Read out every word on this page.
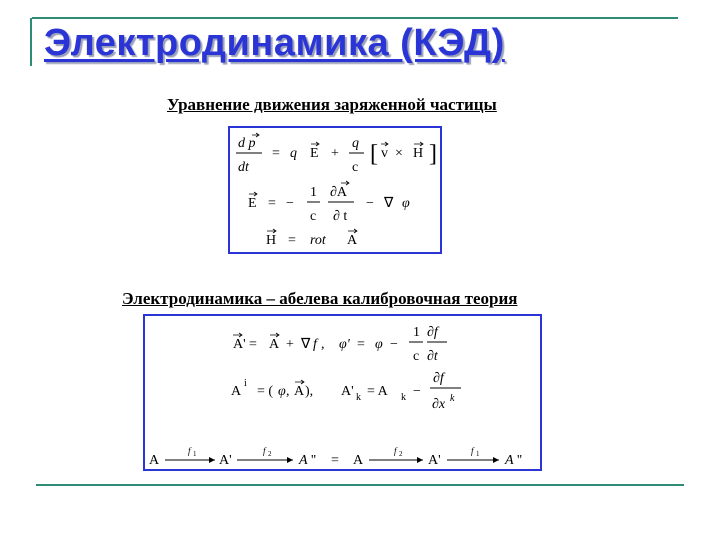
Электродинамика (КЭД)
Уравнение движения заряженной частицы
d p
dt
= q E +
q
c
[ v × H ]
E = −
1
c
∂A
∂ t
− ∇ φ
H = rot A
Электродинамика – абелева калибровочная теория
A' = A + ∇ f , φ' = φ −
1
c
∂f
∂t
A
i
= ( φ , A ), A' k = A k −
∂f
∂x k
A
f 1 A'
f 2 A '' = A
f 2 A'
f 1 A ''
